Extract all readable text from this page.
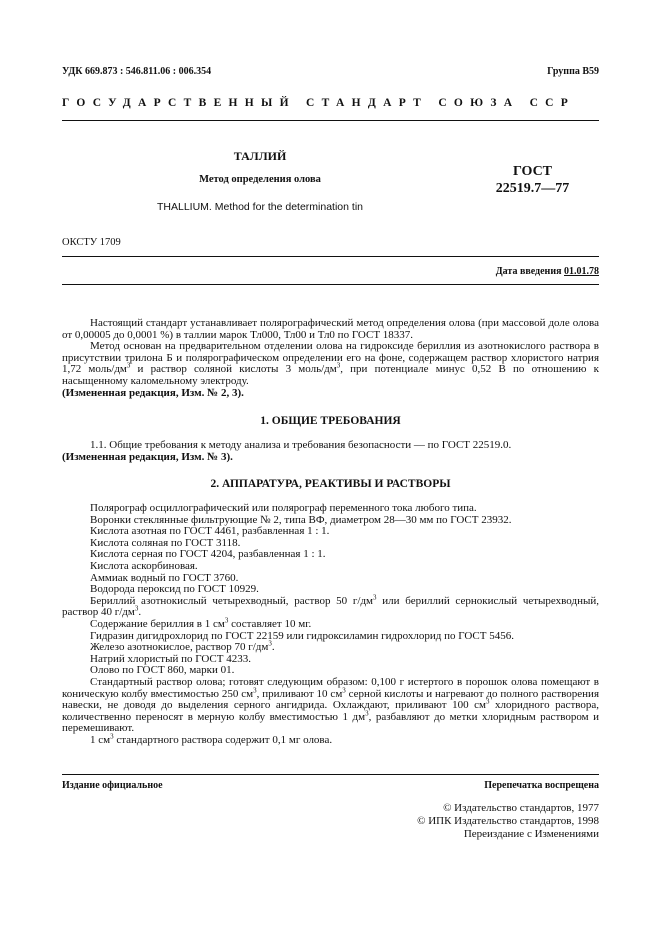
УДК 669.873 : 546.811.06 : 006.354	Группа В59
ГОСУДАРСТВЕННЫЙ СТАНДАРТ СОЮЗА ССР
ТАЛЛИЙ
Метод определения олова
THALLIUM. Method for the determination tin
ГОСТ
22519.7—77
ОКСТУ 1709
Дата введения 01.01.78

Настоящий стандарт устанавливает полярографический метод определения олова (при массовой доле олова от 0,00005 до 0,0001 %) в таллии марок Тл000, Тл00 и Тл0 по ГОСТ 18337.

Метод основан на предварительном отделении олова на гидроксиде бериллия из азотнокислого раствора в присутствии трилона Б и полярографическом определении его на фоне, содержащем раствор хлористого натрия 1,72 моль/$дм^3$ и раствор соляной кислоты 3 моль/$дм^3$, при потенциале минус 0,52 В по отношению к насыщенному каломельному электроду.

(Измененная редакция, Изм. № 2, 3).

1. ОБЩИЕ ТРЕБОВАНИЯ

1.1. Общие требования к методу анализа и требования безопасности — по ГОСТ 22519.0.

(Измененная редакция, Изм. № 3).

2. АППАРАТУРА, РЕАКТИВЫ И РАСТВОРЫ

Полярограф осциллографический или полярограф переменного тока любого типа.

Воронки стеклянные фильтрующие № 2, типа ВФ, диаметром 28—30 мм по ГОСТ 23932.

Кислота азотная по ГОСТ 4461, разбавленная 1 : 1.

Кислота соляная по ГОСТ 3118.

Кислота серная по ГОСТ 4204, разбавленная 1 : 1.

Кислота аскорбиновая.

Аммиак водный по ГОСТ 3760.

Водорода пероксид по ГОСТ 10929.

Бериллий азотнокислый четырехводный, раствор 50 $г/дм^3$ или бериллий сернокислый четырехводный, раствор 40 $г/дм^3$.

Содержание бериллия в 1 $см^3$ составляет 10 мг.

Гидразин дигидрохлорид по ГОСТ 22159 или гидроксиламин гидрохлорид по ГОСТ 5456.

Железо азотнокислое, раствор 70 $г/дм^3$.

Натрий хлористый по ГОСТ 4233.

Олово по ГОСТ 860, марки 01.

Стандартный раствор олова; готовят следующим образом: 0,100 г истертого в порошок олова помещают в коническую колбу вместимостью 250 $см^3$, приливают 10 $см^3$ серной кислоты и нагревают до полного растворения навески, не доводя до выделения серного ангидрида. Охлаждают, приливают 100 $см^3$ хлоридного раствора, количественно переносят в мерную колбу вместимостью 1 $дм^3$, разбавляют до метки хлоридным раствором и перемешивают.

1 $см^3$ стандартного раствора содержит 0,1 мг олова.

Издание официальное	Перепечатка воспрещена
© Издательство стандартов, 1977
© ИПК Издательство стандартов, 1998
Переиздание с Изменениями
